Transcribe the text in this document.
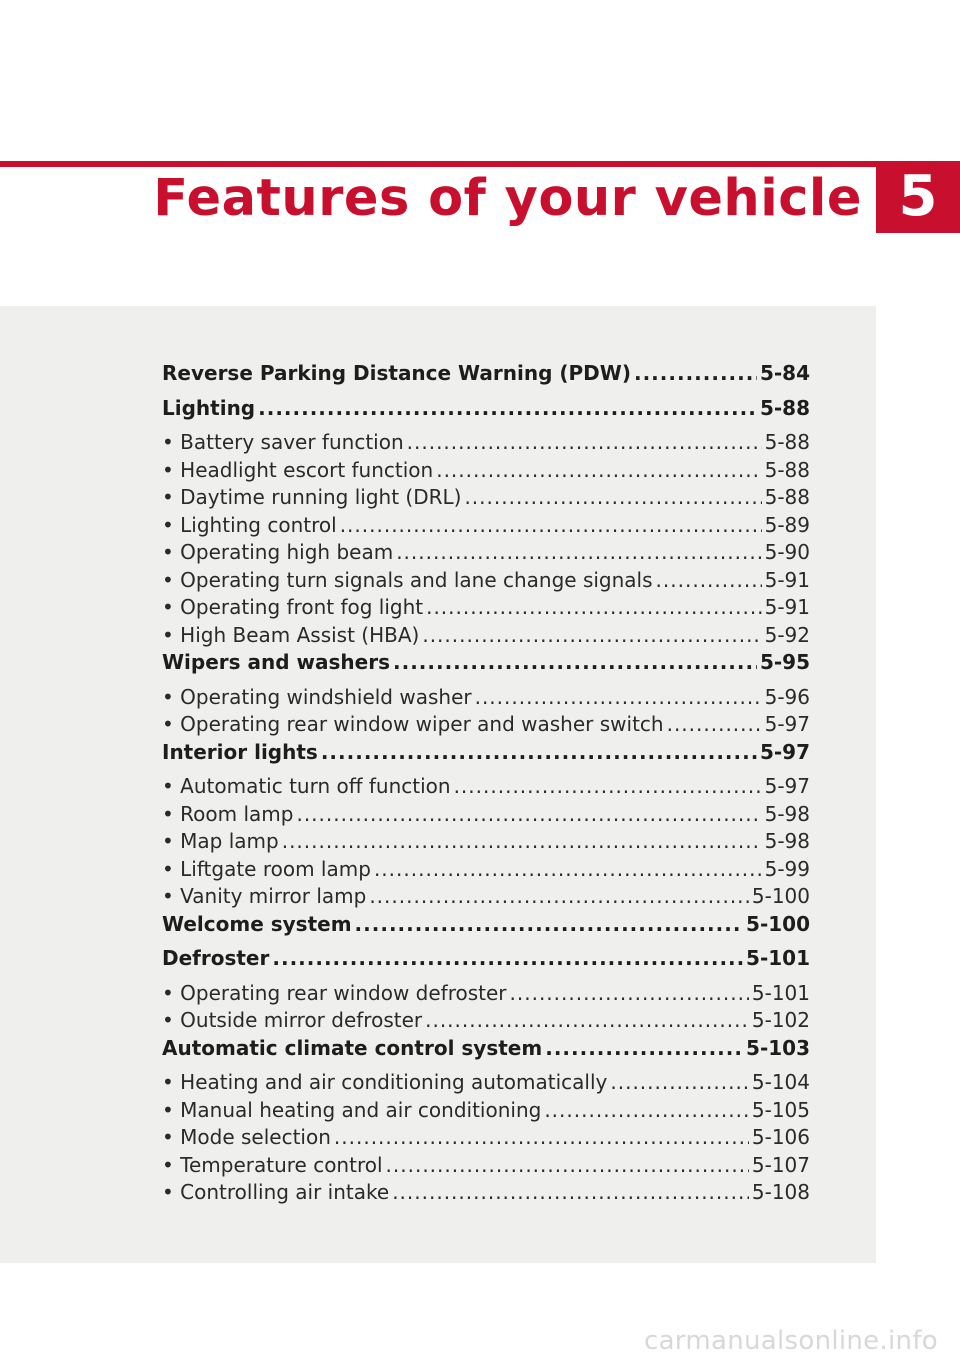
Features of your vehicle 5
Reverse Parking Distance Warning (PDW) .....	5-84
Lighting .....	5-88
• Battery saver function .....	5-88
• Headlight escort function .....	5-88
• Daytime running light (DRL) .....	5-88
• Lighting control .....	5-89
• Operating high beam .....	5-90
• Operating turn signals and lane change signals .....	5-91
• Operating front fog light .....	5-91
• High Beam Assist (HBA) .....	5-92
Wipers and washers .....	5-95
• Operating windshield washer .....	5-96
• Operating rear window wiper and washer switch .....	5-97
Interior lights .....	5-97
• Automatic turn off function .....	5-97
• Room lamp .....	5-98
• Map lamp .....	5-98
• Liftgate room lamp .....	5-99
• Vanity mirror lamp .....	5-100
Welcome system .....	5-100
Defroster .....	5-101
• Operating rear window defroster .....	5-101
• Outside mirror defroster .....	5-102
Automatic climate control system .....	5-103
• Heating and air conditioning automatically .....	5-104
• Manual heating and air conditioning .....	5-105
• Mode selection .....	5-106
• Temperature control .....	5-107
• Controlling air intake .....	5-108
carmanualsonline.info
